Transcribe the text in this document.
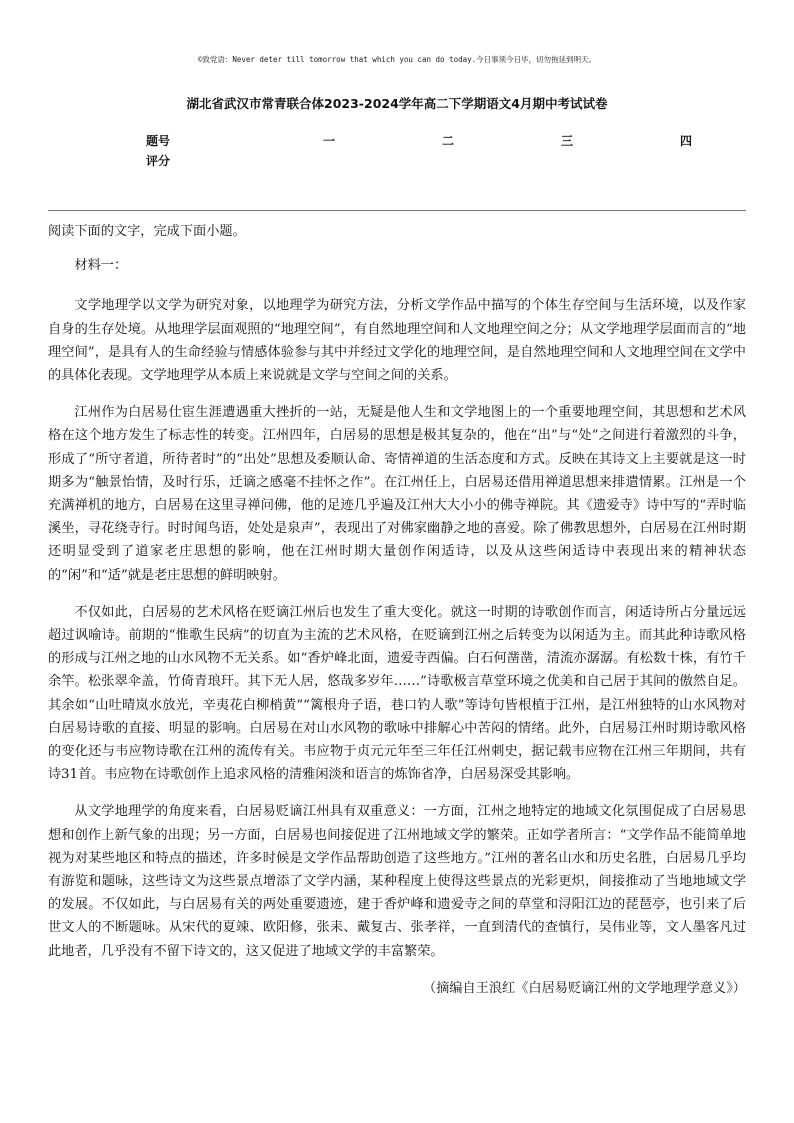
©致党语：Never deter till tomorrow that which you can do today.今日事须今日毕，切勿拖延到明天。
湖北省武汉市常青联合体2023-2024学年高二下学期语文4月期中考试试卷
题号	一	二	三	四
评分

阅读下面的文字，完成下面小题。

材料一：

文学地理学以文学为研究对象，以地理学为研究方法，分析文学作品中描写的个体生存空间与生活环境，以及作家自身的生存处境。从地理学层面观照的“地理空间”，有自然地理空间和人文地理空间之分；从文学地理学层面而言的“地理空间”，是具有人的生命经验与情感体验参与其中并经过文学化的地理空间，是自然地理空间和人文地理空间在文学中的具体化表现。文学地理学从本质上来说就是文学与空间之间的关系。

江州作为白居易仕宦生涯遭遇重大挫折的一站，无疑是他人生和文学地图上的一个重要地理空间，其思想和艺术风格在这个地方发生了标志性的转变。江州四年，白居易的思想是极其复杂的，他在“出”与“处”之间进行着激烈的斗争，形成了“所守者道，所待者时”的“出处”思想及委顺认命、寄情禅道的生活态度和方式。反映在其诗文上主要就是这一时期多为“触景怡情，及时行乐，迁谪之感毫不挂怀之作”。在江州任上，白居易还借用禅道思想来排遣情累。江州是一个充满禅机的地方，白居易在这里寻禅问佛，他的足迹几乎遍及江州大大小小的佛寺禅院。其《遗爱寺》诗中写的“弄时临溪坐，寻花绕寺行。时时闻鸟语，处处是泉声”，表现出了对佛家幽静之地的喜爱。除了佛教思想外，白居易在江州时期还明显受到了道家老庄思想的影响，他在江州时期大量创作闲适诗，以及从这些闲适诗中表现出来的精神状态的“闲”和“适”就是老庄思想的鲜明映射。

不仅如此，白居易的艺术风格在贬谪江州后也发生了重大变化。就这一时期的诗歌创作而言，闲适诗所占分量远远超过讽喻诗。前期的“惟歌生民病”的切直为主流的艺术风格，在贬谪到江州之后转变为以闲适为主。而其此种诗歌风格的形成与江州之地的山水风物不无关系。如“香炉峰北面，遗爱寺西偏。白石何凿凿，清流亦潺潺。有松数十株，有竹千余竿。松张翠伞盖，竹倚青琅玕。其下无人居，悠哉多岁年……”诗歌极言草堂环境之优美和自己居于其间的傲然自足。其余如“山吐晴岚水放光，辛夷花白柳梢黄”“篱根舟子语，巷口钓人歌”等诗句皆根植于江州，是江州独特的山水风物对白居易诗歌的直接、明显的影响。白居易在对山水风物的歌咏中排解心中苦闷的情绪。此外，白居易江州时期诗歌风格的变化还与韦应物诗歌在江州的流传有关。韦应物于贞元元年至三年任江州刺史，据记载韦应物在江州三年期间，共有诗31首。韦应物在诗歌创作上追求风格的清雅闲淡和语言的炼饰省净，白居易深受其影响。

从文学地理学的角度来看，白居易贬谪江州具有双重意义：一方面，江州之地特定的地域文化氛围促成了白居易思想和创作上新气象的出现；另一方面，白居易也间接促进了江州地域文学的繁荣。正如学者所言：“文学作品不能简单地视为对某些地区和特点的描述，许多时候是文学作品帮助创造了这些地方。”江州的著名山水和历史名胜，白居易几乎均有游览和题咏，这些诗文为这些景点增添了文学内涵，某种程度上使得这些景点的光彩更炽，间接推动了当地地域文学的发展。不仅如此，与白居易有关的两处重要遗迹，建于香炉峰和遗爱寺之间的草堂和浔阳江边的琵琶亭，也引来了后世文人的不断题咏。从宋代的夏竦、欧阳修，张耒、戴复古、张孝祥，一直到清代的查慎行，吴伟业等，文人墨客凡过此地者，几乎没有不留下诗文的，这又促进了地域文学的丰富繁荣。

（摘编自王浪红《白居易贬谪江州的文学地理学意义》）
